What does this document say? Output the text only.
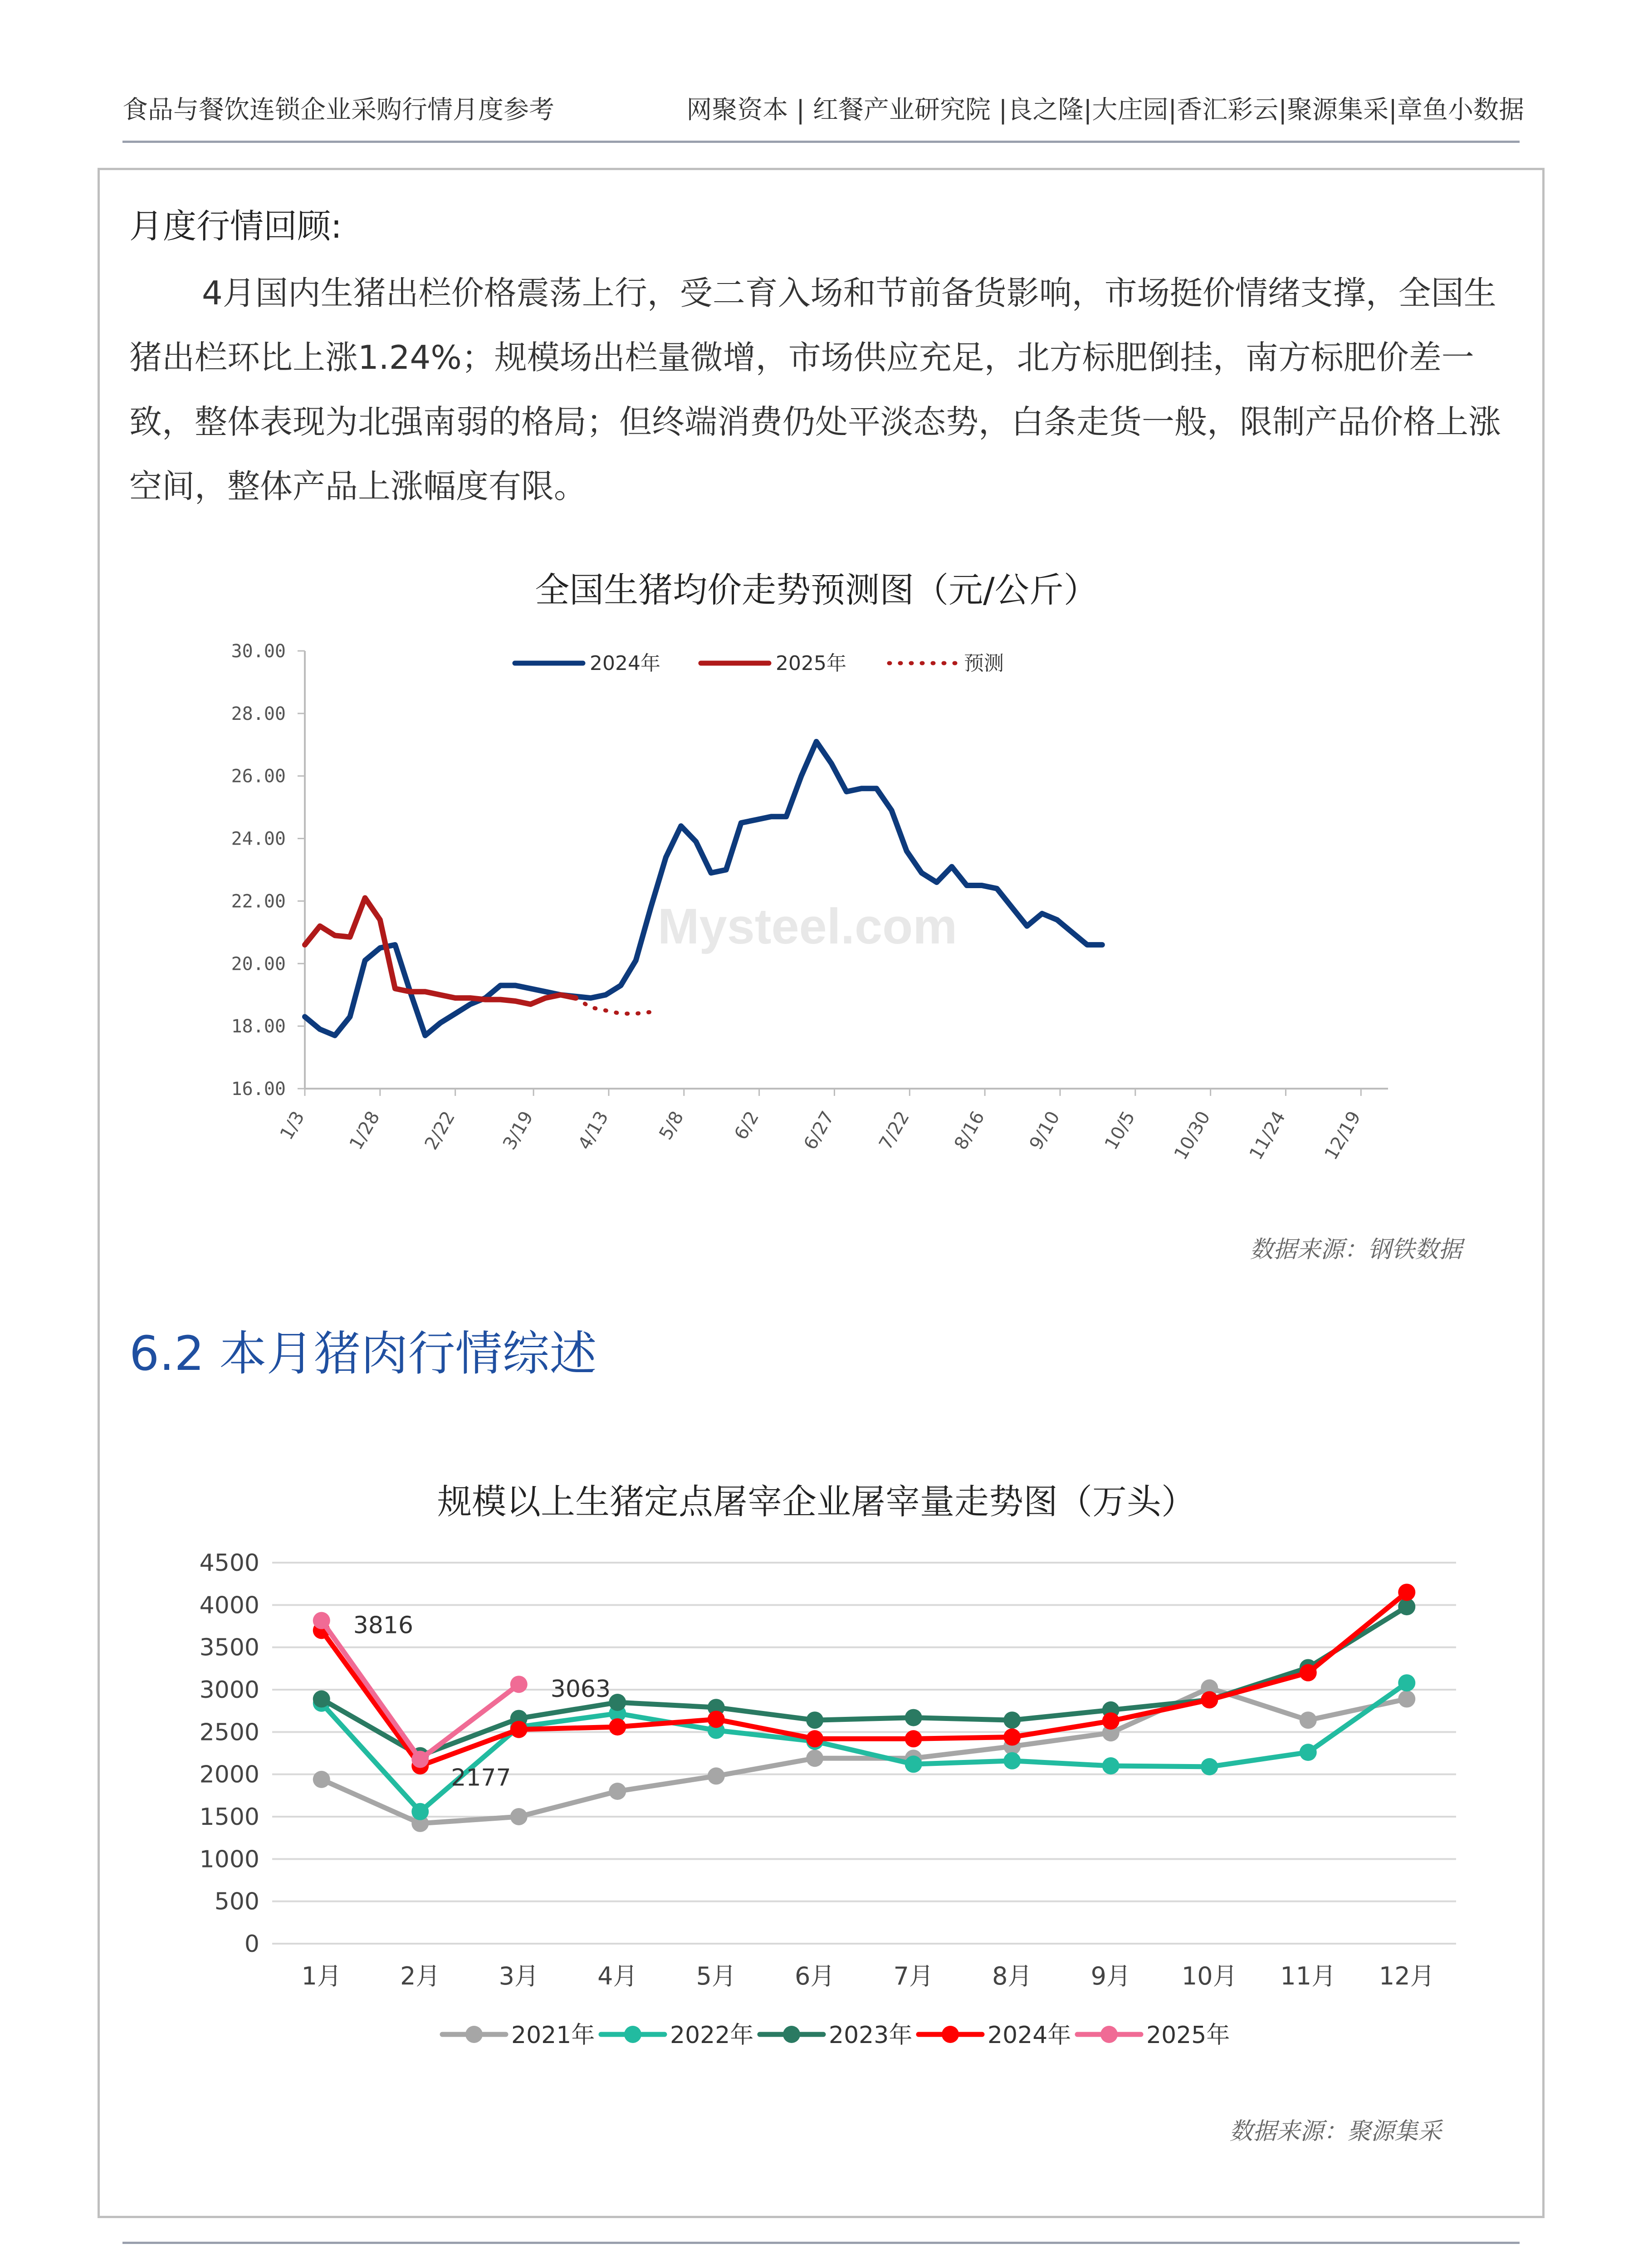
食品与餐饮连锁企业采购行情月度参考	网聚资本 | 红餐产业研究院 |良之隆|大庄园|香汇彩云|聚源集采|章鱼小数据
月度行情回顾:
4月国内生猪出栏价格震荡上行，受二育入场和节前备货影响，市场挺价情绪支撑，全国生猪出栏环比上涨1.24%；规模场出栏量微增，市场供应充足，北方标肥倒挂，南方标肥价差一致，整体表现为北强南弱的格局；但终端消费仍处平淡态势，白条走货一般，限制产品价格上涨空间，整体产品上涨幅度有限。
全国生猪均价走势预测图（元/公斤）
Mysteel.com
16.00
18.00
20.00
22.00
24.00
26.00
28.00
30.00
1/3 1/28 2/22 3/19 4/13 5/8 6/2 6/27 7/22 8/16 9/10 10/5 10/30 11/24 12/19
2024年	2025年	预测
数据来源：钢铁数据
6.2 本月猪肉行情综述
规模以上生猪定点屠宰企业屠宰量走势图（万头）
0
500
1000
1500
2000
2500
3000
3500
4000
4500
1月 2月 3月 4月 5月 6月 7月 8月 9月 10月 11月 12月
3816
2177
3063
2021年	2022年	2023年	2024年	2025年
数据来源：聚源集采
